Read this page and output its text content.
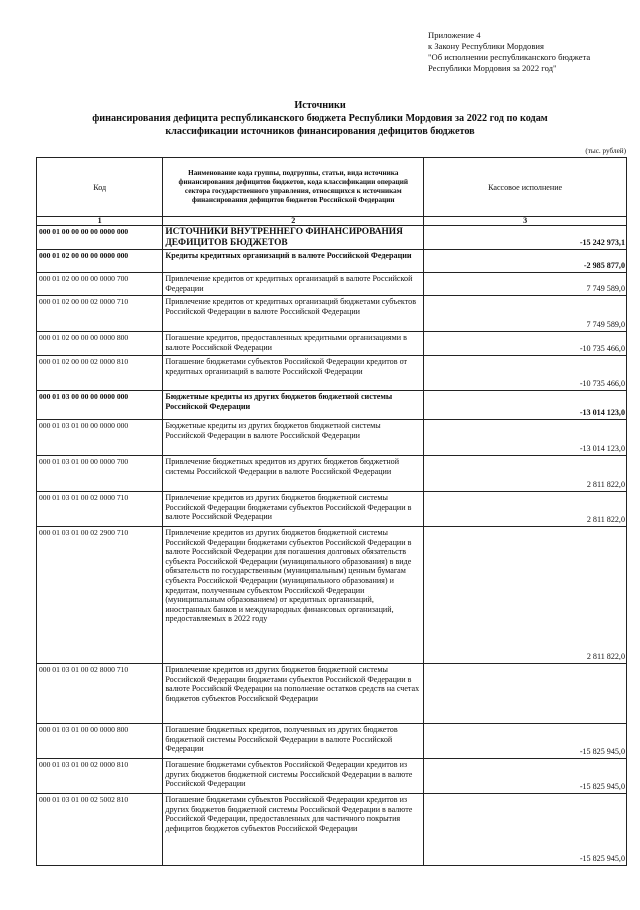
Приложение 4
к Закону Республики Мордовия
"Об исполнении республиканского бюджета
Республики Мордовия за 2022 год"
Источники
финансирования дефицита республиканского бюджета Республики Мордовия за 2022 год по кодам
классификации источников финансирования дефицитов бюджетов
(тыс. рублей)
Код	Наименование кода группы, подгруппы, статьи, вида источника финансирования дефицитов бюджетов, кода классификации операций сектора государственного управления, относящихся к источникам финансирования дефицитов бюджетов Российской Федерации	Кассовое исполнение
1	2	3
000 01 00 00 00 00 0000 000	ИСТОЧНИКИ ВНУТРЕННЕГО ФИНАНСИРОВАНИЯ ДЕФИЦИТОВ БЮДЖЕТОВ	-15 242 973,1
000 01 02 00 00 00 0000 000	Кредиты кредитных организаций в валюте Российской Федерации	-2 985 877,0
000 01 02 00 00 00 0000 700	Привлечение кредитов от кредитных организаций в валюте Российской Федерации	7 749 589,0
000 01 02 00 00 02 0000 710	Привлечение кредитов от кредитных организаций бюджетами субъектов Российской Федерации в валюте Российской Федерации	7 749 589,0
000 01 02 00 00 00 0000 800	Погашение кредитов, предоставленных кредитными организациями в валюте Российской Федерации	-10 735 466,0
000 01 02 00 00 02 0000 810	Погашение бюджетами субъектов Российской Федерации кредитов от кредитных организаций в валюте Российской Федерации	-10 735 466,0
000 01 03 00 00 00 0000 000	Бюджетные кредиты из других бюджетов бюджетной системы Российской Федерации	-13 014 123,0
000 01 03 01 00 00 0000 000	Бюджетные кредиты из других бюджетов бюджетной системы Российской Федерации в валюте Российской Федерации	-13 014 123,0
000 01 03 01 00 00 0000 700	Привлечение бюджетных кредитов из других бюджетов бюджетной системы Российской Федерации в валюте Российской Федерации	2 811 822,0
000 01 03 01 00 02 0000 710	Привлечение кредитов из других бюджетов бюджетной системы Российской Федерации бюджетами субъектов Российской Федерации в валюте Российской Федерации	2 811 822,0
000 01 03 01 00 02 2900 710	Привлечение кредитов из других бюджетов бюджетной системы Российской Федерации бюджетами субъектов Российской Федерации в валюте Российской Федерации для погашения долговых обязательств субъекта Российской Федерации (муниципального образования) в виде обязательств по государственным (муниципальным) ценным бумагам субъекта Российской Федерации (муниципального образования) и кредитам, полученным субъектом Российской Федерации (муниципальным образованием) от кредитных организаций, иностранных банков и международных финансовых организаций, предоставляемых в 2022 году	2 811 822,0
000 01 03 01 00 02 8000 710	Привлечение кредитов из других бюджетов бюджетной системы Российской Федерации бюджетами субъектов Российской Федерации в валюте Российской Федерации на пополнение остатков средств на счетах бюджетов субъектов Российской Федерации	
000 01 03 01 00 00 0000 800	Погашение бюджетных кредитов, полученных из других бюджетов бюджетной системы Российской Федерации в валюте Российской Федерации	-15 825 945,0
000 01 03 01 00 02 0000 810	Погашение бюджетами субъектов Российской Федерации кредитов из других бюджетов бюджетной системы Российской Федерации в валюте Российской Федерации	-15 825 945,0
000 01 03 01 00 02 5002 810	Погашение бюджетами субъектов Российской Федерации кредитов из других бюджетов бюджетной системы Российской Федерации в валюте Российской Федерации, предоставленных для частичного покрытия дефицитов бюджетов субъектов Российской Федерации	-15 825 945,0
